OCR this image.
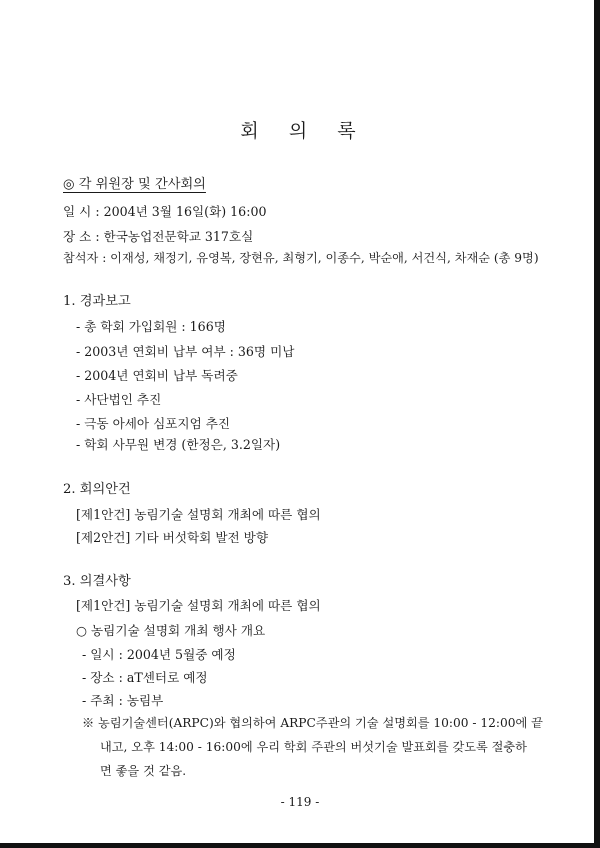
회 의 록
◎ 각 위원장 및 간사회의
일 시 : 2004년 3월 16일(화) 16:00
장 소 : 한국농업전문학교 317호실
참석자 : 이재성, 채정기, 유영복, 장현유, 최형기, 이종수, 박순애, 서건식, 차재순 (총 9명)
1. 경과보고
- 총 학회 가입회원 : 166명
- 2003년 연회비 납부 여부 : 36명 미납
- 2004년 연회비 납부 독려중
- 사단법인 추진
- 극동 아세아 심포지엄 추진
- 학회 사무원 변경 (한정은, 3.2일자)
2. 회의안건
[제1안건] 농림기술 설명회 개최에 따른 협의
[제2안건] 기타 버섯학회 발전 방향
3. 의결사항
[제1안건] 농림기술 설명회 개최에 따른 협의
○ 농림기술 설명회 개최 행사 개요
- 일시 : 2004년 5월중 예정
- 장소 : aT센터로 예정
- 주최 : 농림부
※ 농림기술센터(ARPC)와 협의하여 ARPC주관의 기술 설명회를 10:00 - 12:00에 끝
내고, 오후 14:00 - 16:00에 우리 학회 주관의 버섯기술 발표회를 갖도록 절충하
면 좋을 것 같음.
- 119 -
